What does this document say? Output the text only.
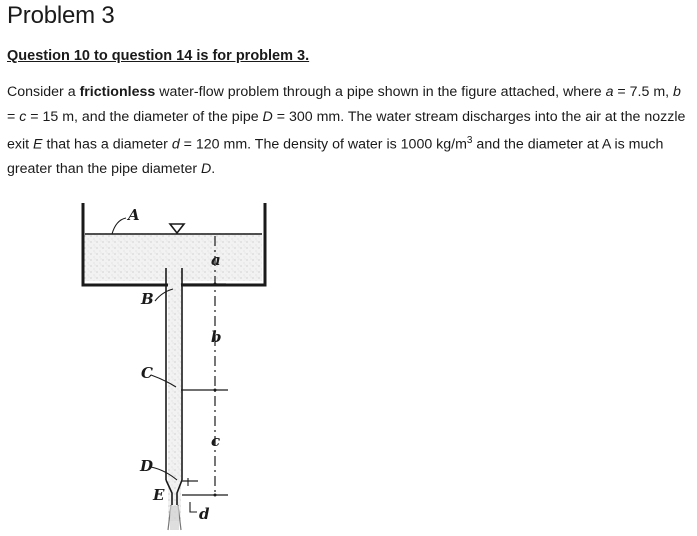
Problem 3
Question 10 to question 14 is for problem 3.
Consider a frictionless water-flow problem through a pipe shown in the figure attached, where a = 7.5 m, b = c = 15 m, and the diameter of the pipe D = 300 mm. The water stream discharges into the air at the nozzle exit E that has a diameter d = 120 mm. The density of water is 1000 $kg/m^3$ and the diameter at A is much greater than the pipe diameter D.
A
B
C
D
E
a
b
c
d
